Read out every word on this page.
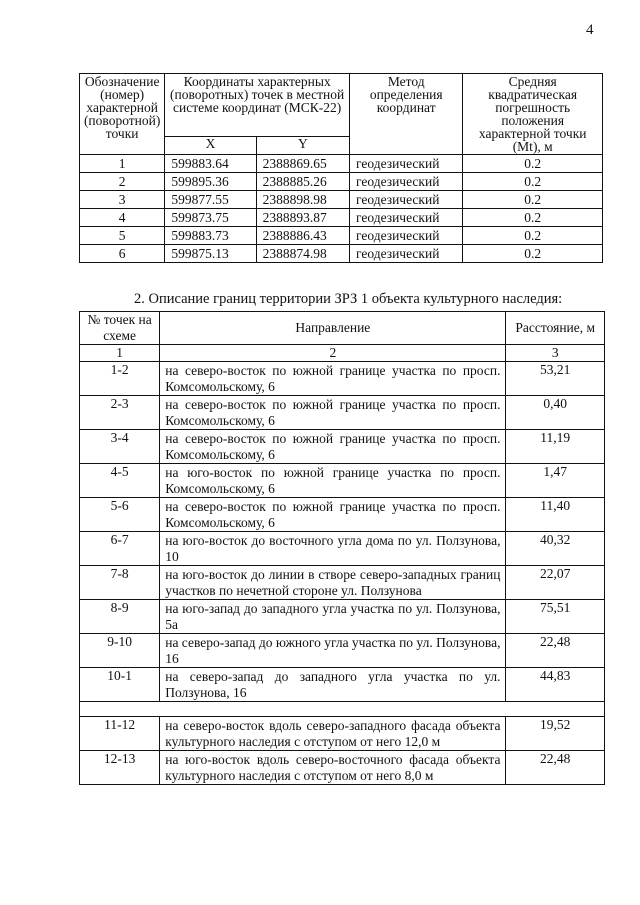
4
Обозначение (номер) характерной (поворотной) точки	Координаты характерных (поворотных) точек в местной системе координат (МСК-22)		Метод определения координат	Средняя квадратическая погрешность положения характерной точки (Mt), м
	X	Y		
1	599883.64	2388869.65	геодезический	0.2
2	599895.36	2388885.26	геодезический	0.2
3	599877.55	2388898.98	геодезический	0.2
4	599873.75	2388893.87	геодезический	0.2
5	599883.73	2388886.43	геодезический	0.2
6	599875.13	2388874.98	геодезический	0.2
2. Описание границ территории ЗРЗ 1 объекта культурного наследия:
№ точек на схеме	Направление	Расстояние, м
1	2	3
1-2	на северо-восток по южной границе участка по просп. Комсомольскому, 6	53,21
2-3	на северо-восток по южной границе участка по просп. Комсомольскому, 6	0,40
3-4	на северо-восток по южной границе участка по просп. Комсомольскому, 6	11,19
4-5	на юго-восток по южной границе участка по просп. Комсомольскому, 6	1,47
5-6	на северо-восток по южной границе участка по просп. Комсомольскому, 6	11,40
6-7	на юго-восток до восточного угла дома по ул. Ползунова, 10	40,32
7-8	на юго-восток до линии в створе северо-западных границ участков по нечетной стороне ул. Ползунова	22,07
8-9	на юго-запад до западного угла участка по ул. Ползунова, 5а	75,51
9-10	на северо-запад до южного угла участка по ул. Ползунова, 16	22,48
10-1	на северо-запад до западного угла участка по ул. Ползунова, 16	44,83

11-12	на северо-восток вдоль северо-западного фасада объекта культурного наследия с отступом от него 12,0 м	19,52
12-13	на юго-восток вдоль северо-восточного фасада объекта культурного наследия с отступом от него 8,0 м	22,48
